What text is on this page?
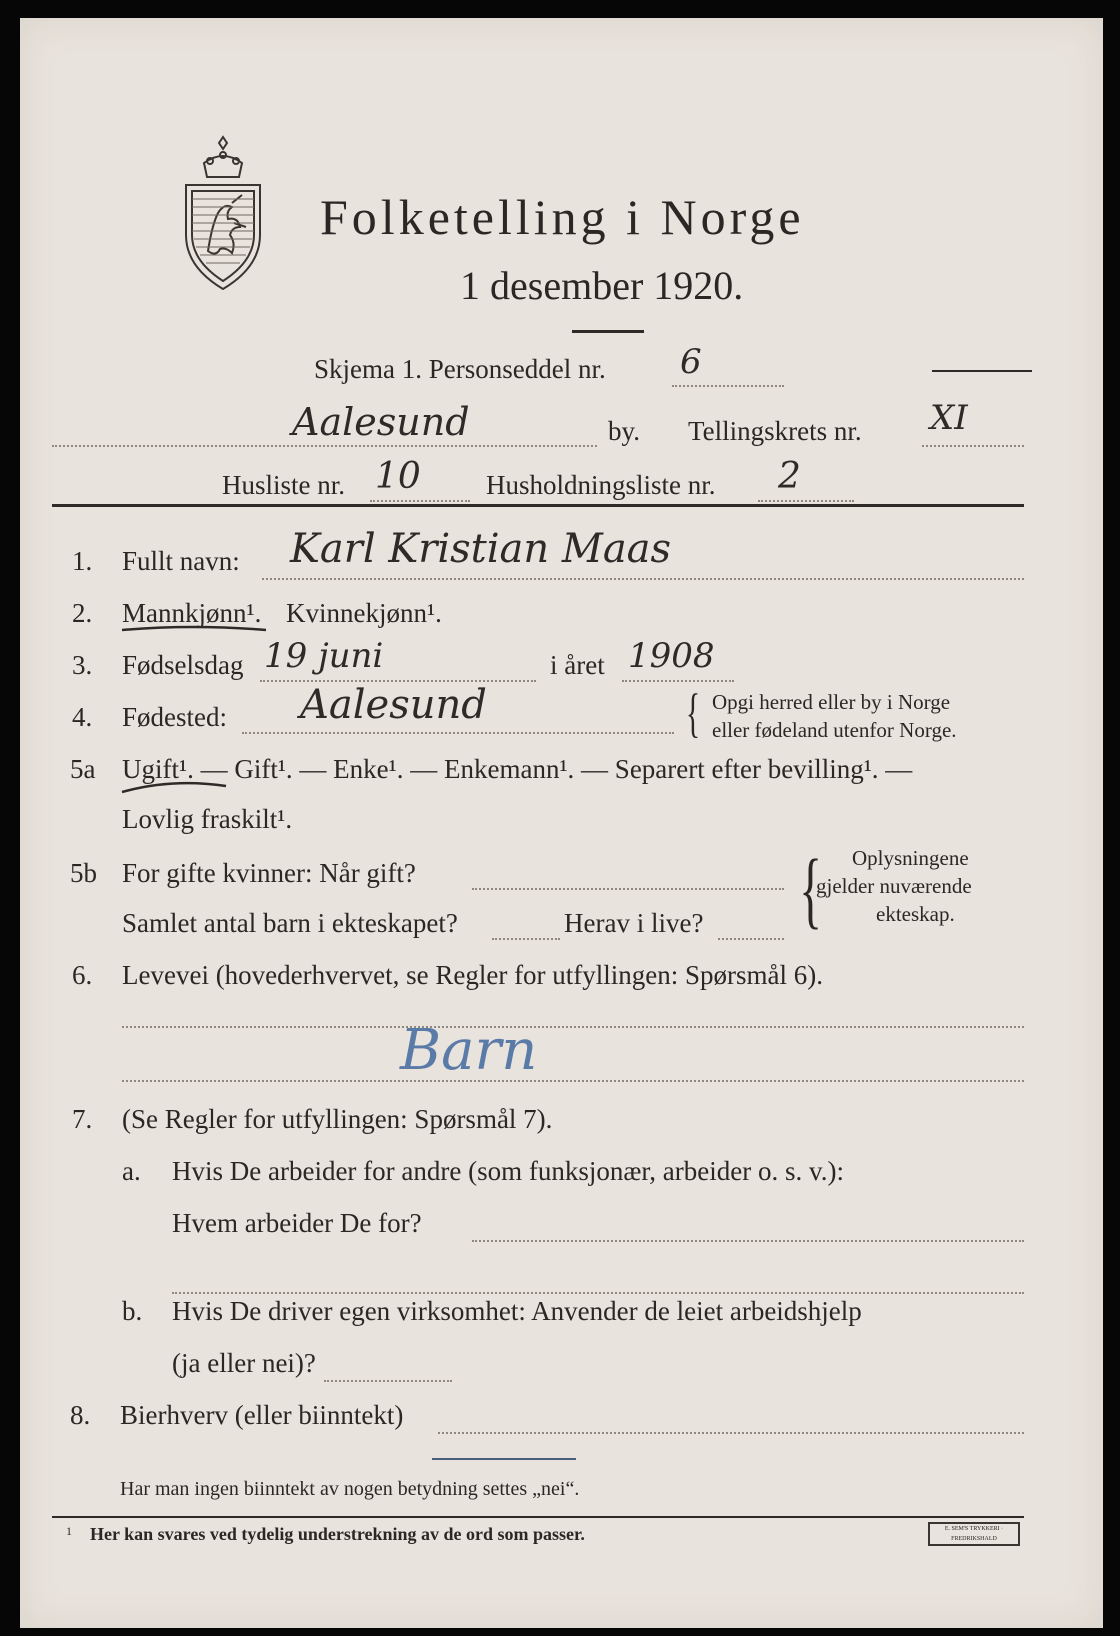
Folketelling i Norge
1 desember 1920.
Skjema 1. Personseddel nr. 6
Aalesund	by. Tellingskrets nr. XI
Husliste nr. 10 Husholdningsliste nr. 2
1. Fullt navn: Karl Kristian Maas
2. Mannkjønn¹. Kvinnekjønn¹.
3. Fødselsdag 19 juni	i året 1908
4. Fødested: Aalesund	{ Opgi herred eller by i Norge
eller fødeland utenfor Norge.
5a Ugift¹. — Gift¹. — Enke¹. — Enkemann¹. — Separert efter bevilling¹. —
Lovlig fraskilt¹.
5b For gifte kvinner: Når gift?
Samlet antal barn i ekteskapet?	Herav i live? { Oplysningene
gjelder nuværende
ekteskap.
6. Levevei (hovederhvervet, se Regler for utfyllingen: Spørsmål 6).
Barn
7. (Se Regler for utfyllingen: Spørsmål 7).
a. Hvis De arbeider for andre (som funksjonær, arbeider o. s. v.):
Hvem arbeider De for?
b. Hvis De driver egen virksomhet: Anvender de leiet arbeidshjelp
(ja eller nei)?
8. Bierhverv (eller biinntekt)
Har man ingen biinntekt av nogen betydning settes „nei“.
1 Her kan svares ved tydelig understrekning av de ord som passer.	E. SEM'S TRYKKERI · FREDRIKSHALD
